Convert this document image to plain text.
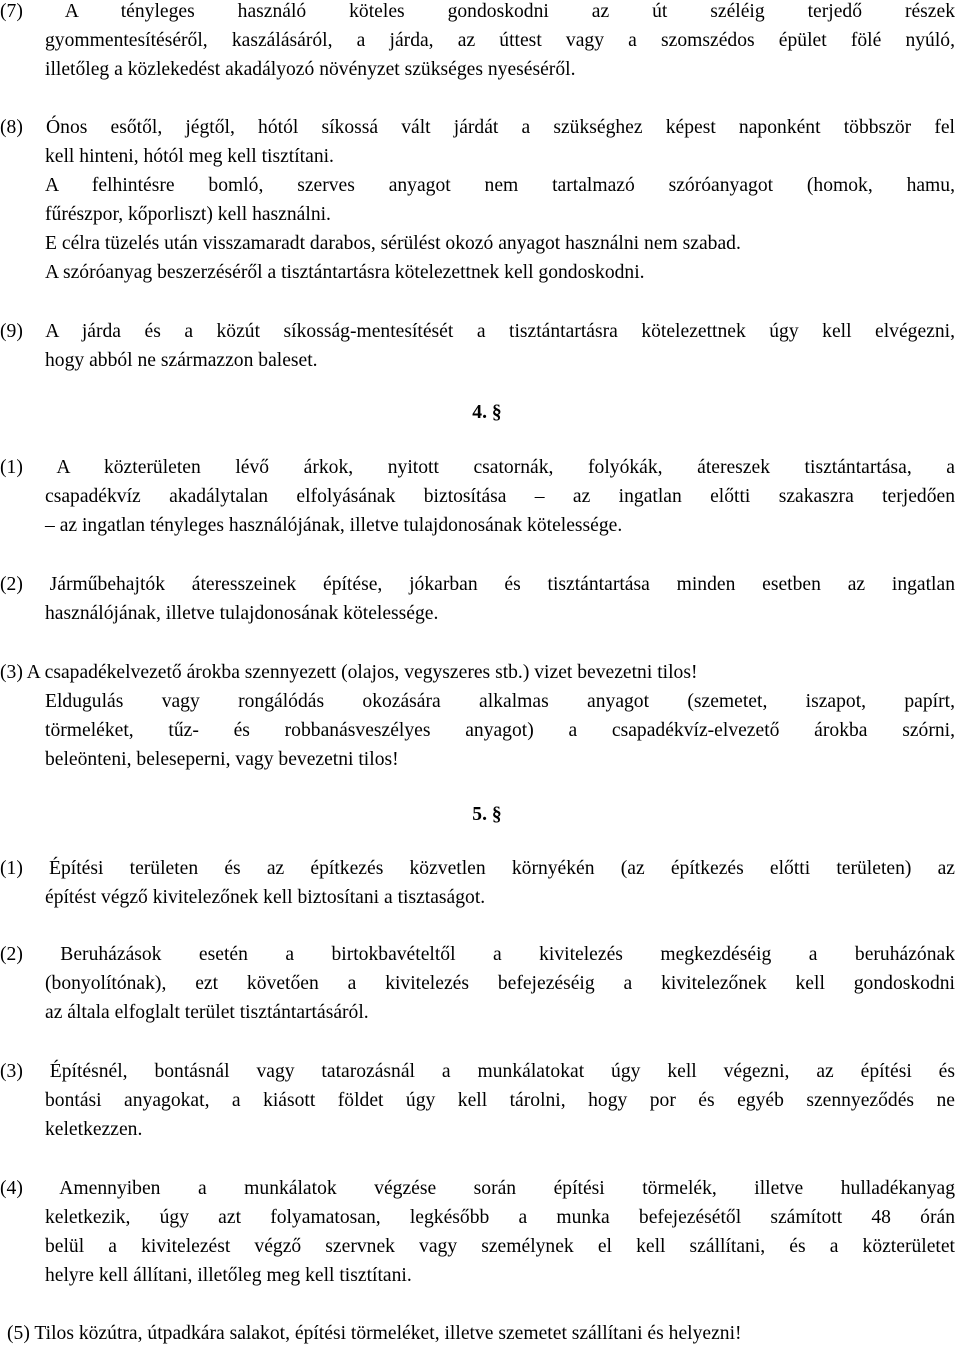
(7) A tényleges használó köteles gondoskodni az út széléig terjedő részek
gyommentesítéséről, kaszálásáról, a járda, az úttest vagy a szomszédos épület fölé nyúló,
illetőleg a közlekedést akadályozó növényzet szükséges nyeséséről.
(8) Ónos esőtől, jégtől, hótól síkossá vált járdát a szükséghez képest naponként többször fel
kell hinteni, hótól meg kell tisztítani.
A felhintésre bomló, szerves anyagot nem tartalmazó szóróanyagot (homok, hamu,
fűrészpor, kőporliszt) kell használni.
E célra tüzelés után visszamaradt darabos, sérülést okozó anyagot használni nem szabad.
A szóróanyag beszerzéséről a tisztántartásra kötelezettnek kell gondoskodni.
(9) A járda és a közút síkosság-mentesítését a tisztántartásra kötelezettnek úgy kell elvégezni,
hogy abból ne származzon baleset.
4. §
(1) A közterületen lévő árkok, nyitott csatornák, folyókák, átereszek tisztántartása, a
csapadékvíz akadálytalan elfolyásának biztosítása – az ingatlan előtti szakaszra terjedően
– az ingatlan tényleges használójának, illetve tulajdonosának kötelessége.
(2) Járműbehajtók áteresszeinek építése, jókarban és tisztántartása minden esetben az ingatlan
használójának, illetve tulajdonosának kötelessége.
(3) A csapadékelvezető árokba szennyezett (olajos, vegyszeres stb.) vizet bevezetni tilos!
Eldugulás vagy rongálódás okozására alkalmas anyagot (szemetet, iszapot, papírt,
törmeléket, tűz- és robbanásveszélyes anyagot) a csapadékvíz-elvezető árokba szórni,
beleönteni, beleseperni, vagy bevezetni tilos!
5. §
(1) Építési területen és az építkezés közvetlen környékén (az építkezés előtti területen) az
építést végző kivitelezőnek kell biztosítani a tisztaságot.
(2) Beruházások esetén a birtokbavételtől a kivitelezés megkezdéséig a beruházónak
(bonyolítónak), ezt követően a kivitelezés befejezéséig a kivitelezőnek kell gondoskodni
az általa elfoglalt terület tisztántartásáról.
(3) Építésnél, bontásnál vagy tatarozásnál a munkálatokat úgy kell végezni, az építési és
bontási anyagokat, a kiásott földet úgy kell tárolni, hogy por és egyéb szennyeződés ne
keletkezzen.
(4) Amennyiben a munkálatok végzése során építési törmelék, illetve hulladékanyag
keletkezik, úgy azt folyamatosan, legkésőbb a munka befejezésétől számított 48 órán
belül a kivitelezést végző szervnek vagy személynek el kell szállítani, és a közterületet
helyre kell állítani, illetőleg meg kell tisztítani.
(5) Tilos közútra, útpadkára salakot, építési törmeléket, illetve szemetet szállítani és helyezni!
